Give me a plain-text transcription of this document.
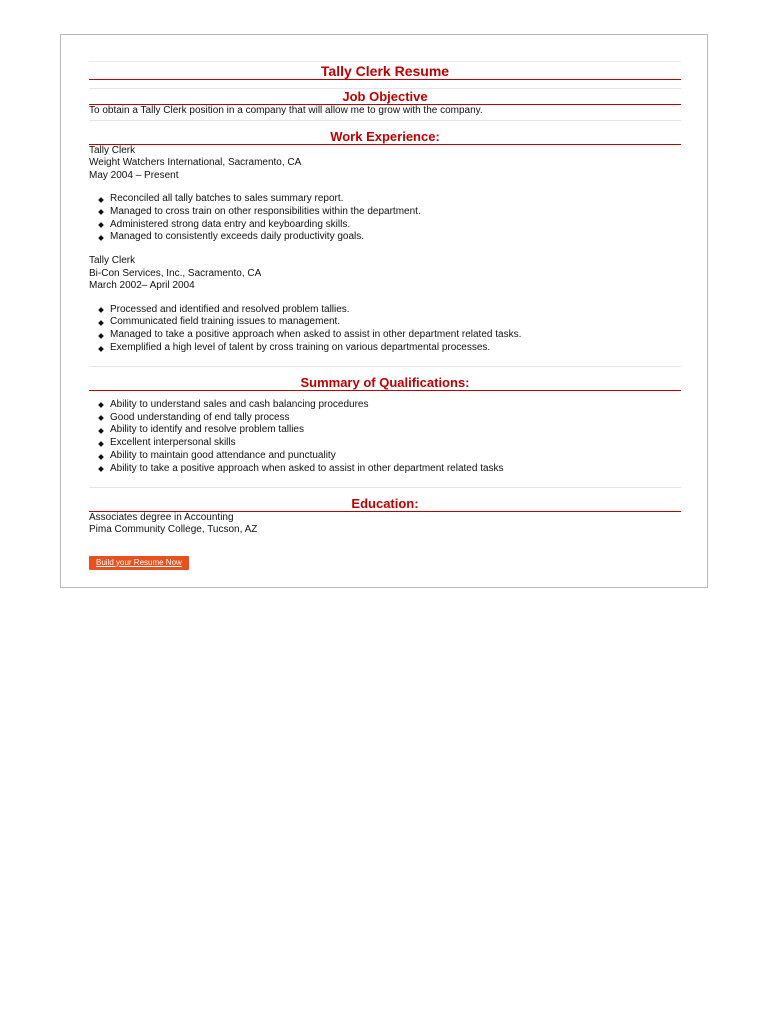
Tally Clerk Resume
Job Objective

To obtain a Tally Clerk position in a company that will allow me to grow with the company.

Work Experience:

Tally Clerk

Weight Watchers International, Sacramento, CA

May 2004 – Present

Reconciled all tally batches to sales summary report.
Managed to cross train on other responsibilities within the department.
Administered strong data entry and keyboarding skills.
Managed to consistently exceeds daily productivity goals.

Tally Clerk

Bi-Con Services, Inc., Sacramento, CA

March 2002– April 2004

Processed and identified and resolved problem tallies.
Communicated field training issues to management.
Managed to take a positive approach when asked to assist in other department related tasks.
Exemplified a high level of talent by cross training on various departmental processes.
Summary of Qualifications:
Ability to understand sales and cash balancing procedures
Good understanding of end tally process
Ability to identify and resolve problem tallies
Excellent interpersonal skills
Ability to maintain good attendance and punctuality
Ability to take a positive approach when asked to assist in other department related tasks
Education:

Associates degree in Accounting

Pima Community College, Tucson, AZ

Build your Resume Now
